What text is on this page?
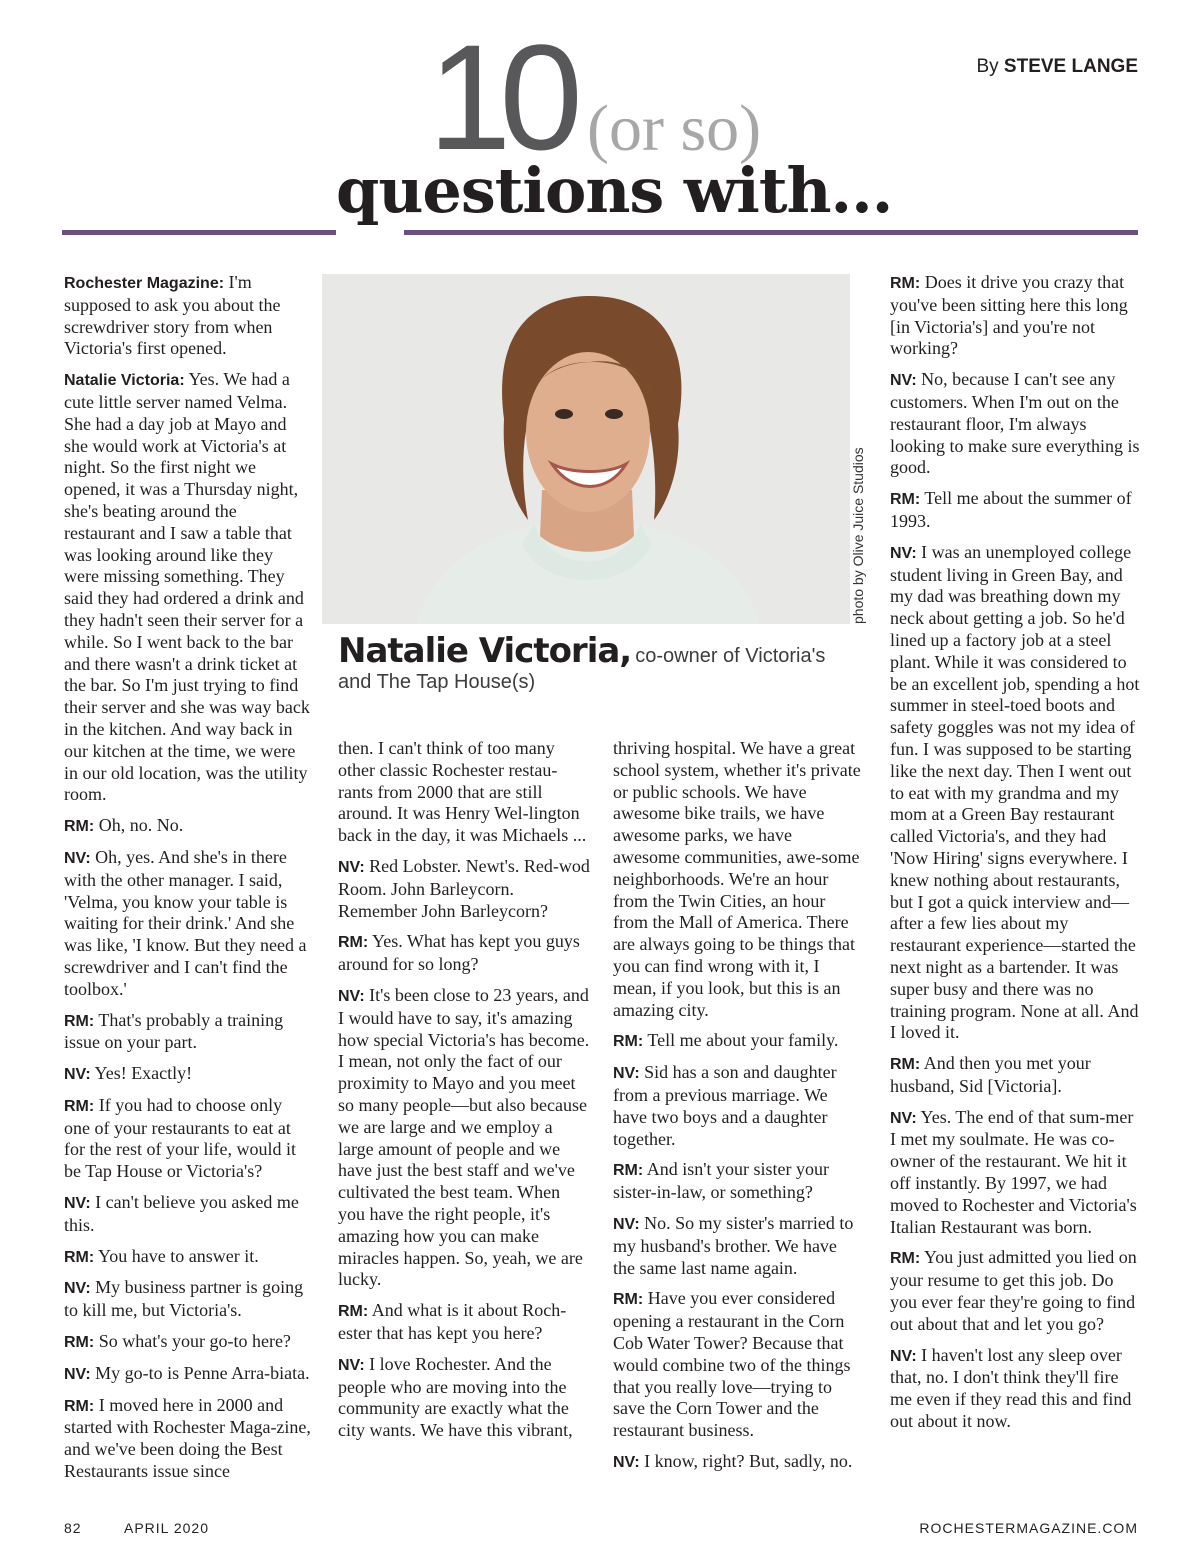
By STEVE LANGE
10 (or so)
questions with...

Rochester Magazine: I'm supposed to ask you about the screwdriver story from when Victoria's first opened.

Natalie Victoria: Yes. We had a cute little server named Velma. She had a day job at Mayo and she would work at Victoria's at night. So the first night we opened, it was a Thursday night, she's beating around the restaurant and I saw a table that was looking around like they were missing something. They said they had ordered a drink and they hadn't seen their server for a while. So I went back to the bar and there wasn't a drink ticket at the bar. So I'm just trying to find their server and she was way back in the kitchen. And way back in our kitchen at the time, we were in our old location, was the utility room.

RM: Oh, no. No.

NV: Oh, yes. And she's in there with the other manager. I said, 'Velma, you know your table is waiting for their drink.' And she was like, 'I know. But they need a screwdriver and I can't find the toolbox.'

RM: That's probably a training issue on your part.

NV: Yes! Exactly!

RM: If you had to choose only one of your restaurants to eat at for the rest of your life, would it be Tap House or Victoria's?

NV: I can't believe you asked me this.

RM: You have to answer it.

NV: My business partner is going to kill me, but Victoria's.

RM: So what's your go-to here?

NV: My go-to is Penne Arra-biata.

RM: I moved here in 2000 and started with Rochester Maga-zine, and we've been doing the Best Restaurants issue since

photo by Olive Juice Studios
Natalie Victoria, co-owner of Victoria's
and The Tap House(s)

then. I can't think of too many other classic Rochester restau-rants from 2000 that are still around. It was Henry Wel-lington back in the day, it was Michaels ...

NV: Red Lobster. Newt's. Red-wod Room. John Barleycorn. Remember John Barleycorn?

RM: Yes. What has kept you guys around for so long?

NV: It's been close to 23 years, and I would have to say, it's amazing how special Victoria's has become. I mean, not only the fact of our proximity to Mayo and you meet so many people—but also because we are large and we employ a large amount of people and we have just the best staff and we've cultivated the best team. When you have the right people, it's amazing how you can make miracles happen. So, yeah, we are lucky.

RM: And what is it about Roch-ester that has kept you here?

NV: I love Rochester. And the people who are moving into the community are exactly what the city wants. We have this vibrant,

thriving hospital. We have a great school system, whether it's private or public schools. We have awesome bike trails, we have awesome parks, we have awesome communities, awe-some neighborhoods. We're an hour from the Twin Cities, an hour from the Mall of America. There are always going to be things that you can find wrong with it, I mean, if you look, but this is an amazing city.

RM: Tell me about your family.

NV: Sid has a son and daughter from a previous marriage. We have two boys and a daughter together.

RM: And isn't your sister your sister-in-law, or something?

NV: No. So my sister's married to my husband's brother. We have the same last name again.

RM: Have you ever considered opening a restaurant in the Corn Cob Water Tower? Because that would combine two of the things that you really love—trying to save the Corn Tower and the restaurant business.

NV: I know, right? But, sadly, no.

RM: Does it drive you crazy that you've been sitting here this long [in Victoria's] and you're not working?

NV: No, because I can't see any customers. When I'm out on the restaurant floor, I'm always looking to make sure everything is good.

RM: Tell me about the summer of 1993.

NV: I was an unemployed college student living in Green Bay, and my dad was breathing down my neck about getting a job. So he'd lined up a factory job at a steel plant. While it was considered to be an excellent job, spending a hot summer in steel-toed boots and safety goggles was not my idea of fun. I was supposed to be starting like the next day. Then I went out to eat with my grandma and my mom at a Green Bay restaurant called Victoria's, and they had 'Now Hiring' signs everywhere. I knew nothing about restaurants, but I got a quick interview and—after a few lies about my restaurant experience—started the next night as a bartender. It was super busy and there was no training program. None at all. And I loved it.

RM: And then you met your husband, Sid [Victoria].

NV: Yes. The end of that sum-mer I met my soulmate. He was co-owner of the restaurant. We hit it off instantly. By 1997, we had moved to Rochester and Victoria's Italian Restaurant was born.

RM: You just admitted you lied on your resume to get this job. Do you ever fear they're going to find out about that and let you go?

NV: I haven't lost any sleep over that, no. I don't think they'll fire me even if they read this and find out about it now.

82	APRIL 2020	ROCHESTERMAGAZINE.COM
